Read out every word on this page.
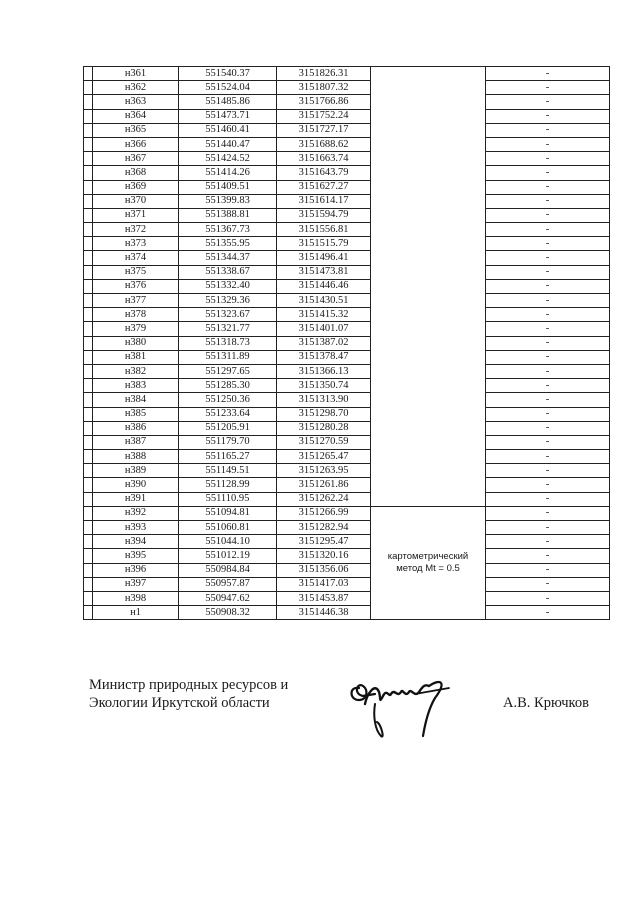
	н361	551540.37	3151826.31		-
	н362	551524.04	3151807.32		-
	н363	551485.86	3151766.86		-
	н364	551473.71	3151752.24		-
	н365	551460.41	3151727.17		-
	н366	551440.47	3151688.62		-
	н367	551424.52	3151663.74		-
	н368	551414.26	3151643.79		-
	н369	551409.51	3151627.27		-
	н370	551399.83	3151614.17		-
	н371	551388.81	3151594.79		-
	н372	551367.73	3151556.81		-
	н373	551355.95	3151515.79		-
	н374	551344.37	3151496.41		-
	н375	551338.67	3151473.81		-
	н376	551332.40	3151446.46		-
	н377	551329.36	3151430.51		-
	н378	551323.67	3151415.32		-
	н379	551321.77	3151401.07		-
	н380	551318.73	3151387.02		-
	н381	551311.89	3151378.47		-
	н382	551297.65	3151366.13		-
	н383	551285.30	3151350.74		-
	н384	551250.36	3151313.90		-
	н385	551233.64	3151298.70		-
	н386	551205.91	3151280.28		-
	н387	551179.70	3151270.59		-
	н388	551165.27	3151265.47		-
	н389	551149.51	3151263.95		-
	н390	551128.99	3151261.86		-
	н391	551110.95	3151262.24		-
	н392	551094.81	3151266.99	картометрический
метод Mt = 0.5	-
	н393	551060.81	3151282.94		-
	н394	551044.10	3151295.47		-
	н395	551012.19	3151320.16		-
	н396	550984.84	3151356.06		-
	н397	550957.87	3151417.03		-
	н398	550947.62	3151453.87		-
	н1	550908.32	3151446.38		-
Министр природных ресурсов и
Экологии Иркутской области	А.В. Крючков
